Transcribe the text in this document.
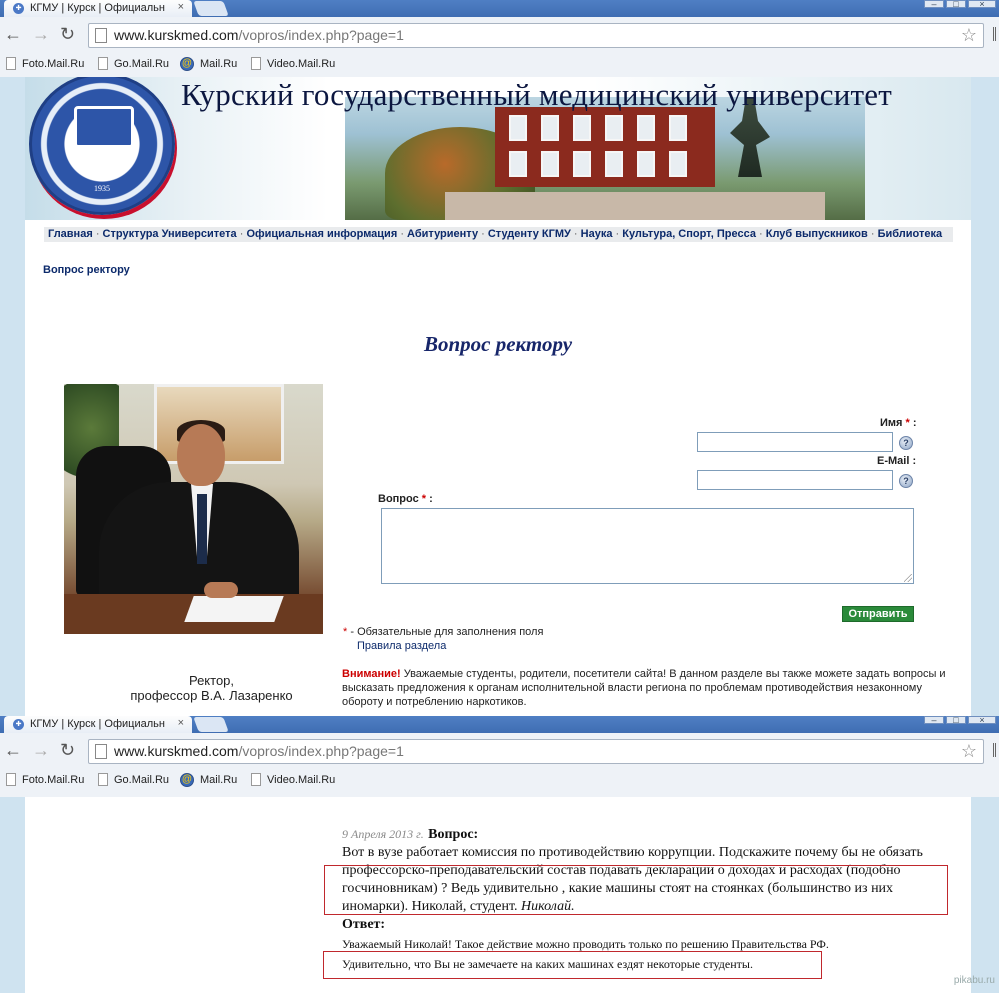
✚ КГМУ | Курск | Официальн ×	–	□	×
← → ↻	www.kurskmed.com/vopros/index.php?page=1	☆
Foto.Mail.Ru	Go.Mail.Ru @ Mail.Ru	Video.Mail.Ru
1935
Курский государственный медицинский университет
Главная · Структура Университета · Официальная информация · Абитуриенту · Студенту КГМУ · Наука · Культура, Спорт, Пресса · Клуб выпускников · Библиотека
Вопрос ректору
Вопрос ректору
Ректор,
профессор В.А. Лазаренко
Имя * :
?
E-Mail :
?
Вопрос * :
Отправить
* - Обязательные для заполнения поля
Правила раздела
Внимание! Уважаемые студенты, родители, посетители сайта! В данном разделе вы также можете задать вопросы и высказать предложения к органам исполнительной власти региона по проблемам противодействия незаконному обороту и потреблению наркотиков.
✚ КГМУ | Курск | Официальн ×	–	□	×
← → ↻	www.kurskmed.com/vopros/index.php?page=1	☆
Foto.Mail.Ru	Go.Mail.Ru @ Mail.Ru	Video.Mail.Ru
9 Апреля 2013 г. Вопрос:
Вот в вузе работает комиссия по противодействию коррупции. Подскажите почему бы не обязать профессорско-преподавательский состав подавать декларации о доходах и расходах (подобно госчиновникам) ? Ведь удивительно , какие машины стоят на стоянках (большинство из них иномарки). Николай, студент. Николай.
Ответ:
Уважаемый Николай! Такое действие можно проводить только по решению Правительства РФ.
Удивительно, что Вы не замечаете на каких машинах ездят некоторые студенты.
pikabu.ru
